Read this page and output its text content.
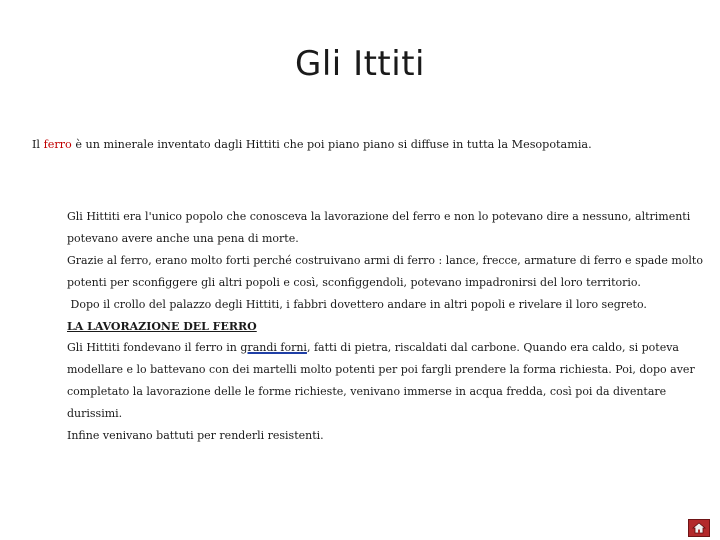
Gli Ittiti
Il ferro è un minerale inventato dagli Hittiti che poi piano piano si diffuse in tutta la Mesopotamia.
Gli Hittiti era l'unico popolo che conosceva la lavorazione del ferro e non lo potevano dire a nessuno, altrimenti
potevano avere anche una pena di morte.
Grazie al ferro, erano molto forti perché costruivano armi di ferro : lance, frecce, armature di ferro e spade molto
potenti per sconfiggere gli altri popoli e così, sconfiggendoli, potevano impadronirsi del loro territorio.
Dopo il crollo del palazzo degli Hittiti, i fabbri dovettero andare in altri popoli e rivelare il loro segreto.
LA LAVORAZIONE DEL FERRO
Gli Hittiti fondevano il ferro in grandi forni, fatti di pietra, riscaldati dal carbone. Quando era caldo, si poteva
modellare e lo battevano con dei martelli molto potenti per poi fargli prendere la forma richiesta. Poi, dopo aver
completato la lavorazione delle le forme richieste, venivano immerse in acqua fredda, così poi da diventare
durissimi.
Infine venivano battuti per renderli resistenti.
